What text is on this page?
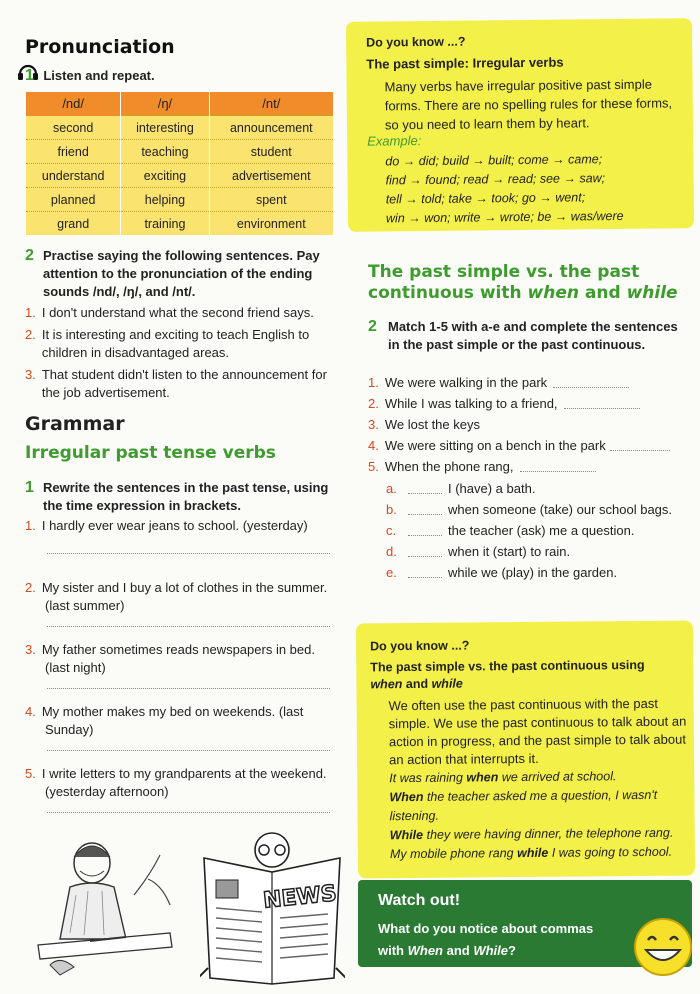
Pronunciation
1 Listen and repeat.
/nd/	/ŋ/	/nt/
second	interesting	announcement
friend	teaching	student
understand	exciting	advertisement
planned	helping	spent
grand	training	environment
2 Practise saying the following sentences. Pay attention to the pronunciation of the ending sounds /nd/, /ŋ/, and /nt/.
1. I don't understand what the second friend says.
2. It is interesting and exciting to teach English to children in disadvantaged areas.
3. That student didn't listen to the announcement for the job advertisement.
Grammar
Irregular past tense verbs
1 Rewrite the sentences in the past tense, using the time expression in brackets.
1. I hardly ever wear jeans to school. (yesterday)
2. My sister and I buy a lot of clothes in the summer.
(last summer)
3. My father sometimes reads newspapers in bed.
(last night)
4. My mother makes my bed on weekends. (last
Sunday)
5. I write letters to my grandparents at the weekend.
(yesterday afternoon)
NEWS
Do you know ...?
The past simple: Irregular verbs
Many verbs have irregular positive past simple forms. There are no spelling rules for these forms, so you need to learn them by heart.
Example:
do → did; build → built; come → came;
find → found; read → read; see → saw;
tell → told; take → took; go → went;
win → won; write → wrote; be → was/were
The past simple vs. the past
continuous with when and while
2 Match 1-5 with a-e and complete the sentences in the past simple or the past continuous.
1. We were walking in the park
2. While I was talking to a friend,
3. We lost the keys
4. We were sitting on a bench in the park
5. When the phone rang,
a.	I (have) a bath.
b.	when someone (take) our school bags.
c.	the teacher (ask) me a question.
d.	when it (start) to rain.
e.	while we (play) in the garden.
Do you know ...?
The past simple vs. the past continuous using
when and while
We often use the past continuous with the past simple. We use the past continuous to talk about an action in progress, and the past simple to talk about an action that interrupts it.
It was raining when we arrived at school.
When the teacher asked me a question, I wasn't listening.
While they were having dinner, the telephone rang.
My mobile phone rang while I was going to school.
Watch out!
What do you notice about commas
with When and While?
